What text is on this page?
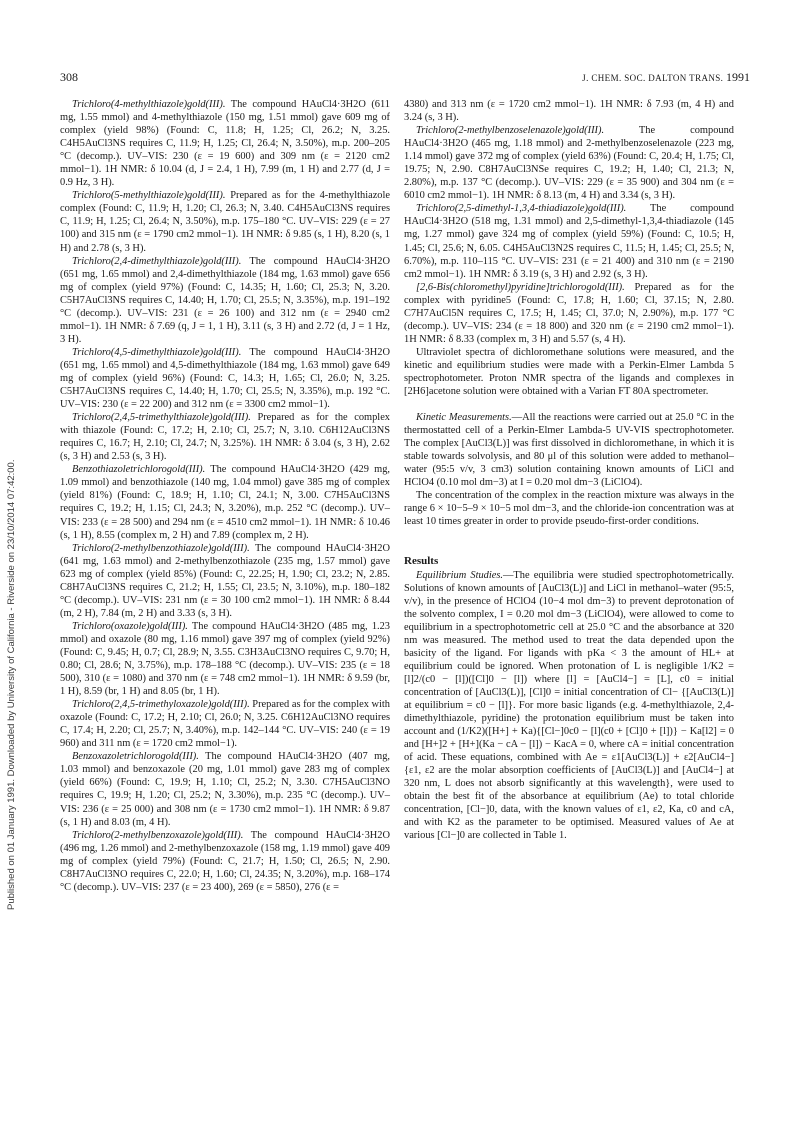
308	J. CHEM. SOC. DALTON TRANS. 1991
Published on 01 January 1991. Downloaded by University of California - Riverside on 23/10/2014 07:42:00.

Trichloro(4-methylthiazole)gold(III). The compound HAuCl4·3H2O (611 mg, 1.55 mmol) and 4-methylthiazole (150 mg, 1.51 mmol) gave 609 mg of complex (yield 98%) (Found: C, 11.8; H, 1.25; Cl, 26.2; N, 3.25. C4H5AuCl3NS requires C, 11.9; H, 1.25; Cl, 26.4; N, 3.50%), m.p. 200–205 °C (decomp.). UV–VIS: 230 (ε = 19 600) and 309 nm (ε = 2120 cm2 mmol−1). 1H NMR: δ 10.04 (d, J = 2.4, 1 H), 7.99 (m, 1 H) and 2.77 (d, J = 0.9 Hz, 3 H).

Trichloro(5-methylthiazole)gold(III). Prepared as for the 4-methylthiazole complex (Found: C, 11.9; H, 1.20; Cl, 26.3; N, 3.40. C4H5AuCl3NS requires C, 11.9; H, 1.25; Cl, 26.4; N, 3.50%), m.p. 175–180 °C. UV–VIS: 229 (ε = 27 100) and 315 nm (ε = 1790 cm2 mmol−1). 1H NMR: δ 9.85 (s, 1 H), 8.20 (s, 1 H) and 2.78 (s, 3 H).

Trichloro(2,4-dimethylthiazole)gold(III). The compound HAuCl4·3H2O (651 mg, 1.65 mmol) and 2,4-dimethylthiazole (184 mg, 1.63 mmol) gave 656 mg of complex (yield 97%) (Found: C, 14.35; H, 1.60; Cl, 25.3; N, 3.20. C5H7AuCl3NS requires C, 14.40; H, 1.70; Cl, 25.5; N, 3.35%), m.p. 191–192 °C (decomp.). UV–VIS: 231 (ε = 26 100) and 312 nm (ε = 2940 cm2 mmol−1). 1H NMR: δ 7.69 (q, J = 1, 1 H), 3.11 (s, 3 H) and 2.72 (d, J = 1 Hz, 3 H).

Trichloro(4,5-dimethylthiazole)gold(III). The compound HAuCl4·3H2O (651 mg, 1.65 mmol) and 4,5-dimethylthiazole (184 mg, 1.63 mmol) gave 649 mg of complex (yield 96%) (Found: C, 14.3; H, 1.65; Cl, 26.0; N, 3.25. C5H7AuCl3NS requires C, 14.40; H, 1.70; Cl, 25.5; N, 3.35%), m.p. 192 °C. UV–VIS: 230 (ε = 22 200) and 312 nm (ε = 3300 cm2 mmol−1).

Trichloro(2,4,5-trimethylthiazole)gold(III). Prepared as for the complex with thiazole (Found: C, 17.2; H, 2.10; Cl, 25.7; N, 3.10. C6H12AuCl3NS requires C, 16.7; H, 2.10; Cl, 24.7; N, 3.25%). 1H NMR: δ 3.04 (s, 3 H), 2.62 (s, 3 H) and 2.53 (s, 3 H).

Benzothiazoletrichlorogold(III). The compound HAuCl4·3H2O (429 mg, 1.09 mmol) and benzothiazole (140 mg, 1.04 mmol) gave 385 mg of complex (yield 81%) (Found: C, 18.9; H, 1.10; Cl, 24.1; N, 3.00. C7H5AuCl3NS requires C, 19.2; H, 1.15; Cl, 24.3; N, 3.20%), m.p. 252 °C (decomp.). UV–VIS: 233 (ε = 28 500) and 294 nm (ε = 4510 cm2 mmol−1). 1H NMR: δ 10.46 (s, 1 H), 8.55 (complex m, 2 H) and 7.89 (complex m, 2 H).

Trichloro(2-methylbenzothiazole)gold(III). The compound HAuCl4·3H2O (641 mg, 1.63 mmol) and 2-methylbenzothiazole (235 mg, 1.57 mmol) gave 623 mg of complex (yield 85%) (Found: C, 22.25; H, 1.90; Cl, 23.2; N, 2.85. C8H7AuCl3NS requires C, 21.2; H, 1.55; Cl, 23.5; N, 3.10%), m.p. 180–182 °C (decomp.). UV–VIS: 231 nm (ε = 30 100 cm2 mmol−1). 1H NMR: δ 8.44 (m, 2 H), 7.84 (m, 2 H) and 3.33 (s, 3 H).

Trichloro(oxazole)gold(III). The compound HAuCl4·3H2O (485 mg, 1.23 mmol) and oxazole (80 mg, 1.16 mmol) gave 397 mg of complex (yield 92%) (Found: C, 9.45; H, 0.7; Cl, 28.9; N, 3.55. C3H3AuCl3NO requires C, 9.70; H, 0.80; Cl, 28.6; N, 3.75%), m.p. 178–188 °C (decomp.). UV–VIS: 235 (ε = 18 500), 310 (ε = 1080) and 370 nm (ε = 748 cm2 mmol−1). 1H NMR: δ 9.59 (br, 1 H), 8.59 (br, 1 H) and 8.05 (br, 1 H).

Trichloro(2,4,5-trimethyloxazole)gold(III). Prepared as for the complex with oxazole (Found: C, 17.2; H, 2.10; Cl, 26.0; N, 3.25. C6H12AuCl3NO requires C, 17.4; H, 2.20; Cl, 25.7; N, 3.40%), m.p. 142–144 °C. UV–VIS: 240 (ε = 19 960) and 311 nm (ε = 1720 cm2 mmol−1).

Benzoxazoletrichlorogold(III). The compound HAuCl4·3H2O (407 mg, 1.03 mmol) and benzoxazole (20 mg, 1.01 mmol) gave 283 mg of complex (yield 66%) (Found: C, 19.9; H, 1.10; Cl, 25.2; N, 3.30. C7H5AuCl3NO requires C, 19.9; H, 1.20; Cl, 25.2; N, 3.30%), m.p. 235 °C (decomp.). UV–VIS: 236 (ε = 25 000) and 308 nm (ε = 1730 cm2 mmol−1). 1H NMR: δ 9.87 (s, 1 H) and 8.03 (m, 4 H).

Trichloro(2-methylbenzoxazole)gold(III). The compound HAuCl4·3H2O (496 mg, 1.26 mmol) and 2-methylbenzoxazole (158 mg, 1.19 mmol) gave 409 mg of complex (yield 79%) (Found: C, 21.7; H, 1.50; Cl, 26.5; N, 2.90. C8H7AuCl3NO requires C, 22.0; H, 1.60; Cl, 24.35; N, 3.20%), m.p. 168–174 °C (decomp.). UV–VIS: 237 (ε = 23 400), 269 (ε = 5850), 276 (ε =

4380) and 313 nm (ε = 1720 cm2 mmol−1). 1H NMR: δ 7.93 (m, 4 H) and 3.24 (s, 3 H).

Trichloro(2-methylbenzoselenazole)gold(III).	The compound HAuCl4·3H2O (465 mg, 1.18 mmol) and 2-methylbenzoselenazole (223 mg, 1.14 mmol) gave 372 mg of complex (yield 63%) (Found: C, 20.4; H, 1.75; Cl, 19.75; N, 2.90. C8H7AuCl3NSe requires C, 19.2; H, 1.40; Cl, 21.3; N, 2.80%), m.p. 137 °C (decomp.). UV–VIS: 229 (ε = 35 900) and 304 nm (ε = 6010 cm2 mmol−1). 1H NMR: δ 8.13 (m, 4 H) and 3.34 (s, 3 H).

Trichloro(2,5-dimethyl-1,3,4-thiadiazole)gold(III). The compound HAuCl4·3H2O (518 mg, 1.31 mmol) and 2,5-dimethyl-1,3,4-thiadiazole (145 mg, 1.27 mmol) gave 324 mg of complex (yield 59%) (Found: C, 10.5; H, 1.45; Cl, 25.6; N, 6.05. C4H5AuCl3N2S requires C, 11.5; H, 1.45; Cl, 25.5; N, 6.70%), m.p. 110–115 °C. UV–VIS: 231 (ε = 21 400) and 310 nm (ε = 2190 cm2 mmol−1). 1H NMR: δ 3.19 (s, 3 H) and 2.92 (s, 3 H).

[2,6-Bis(chloromethyl)pyridine]trichlorogold(III). Prepared as for the complex with pyridine5 (Found: C, 17.8; H, 1.60; Cl, 37.15; N, 2.80. C7H7AuCl5N requires C, 17.5; H, 1.45; Cl, 37.0; N, 2.90%), m.p. 177 °C (decomp.). UV–VIS: 234 (ε = 18 800) and 320 nm (ε = 2190 cm2 mmol−1). 1H NMR: δ 8.33 (complex m, 3 H) and 5.57 (s, 4 H).

Ultraviolet spectra of dichloromethane solutions were measured, and the kinetic and equilibrium studies were made with a Perkin-Elmer Lambda 5 spectrophotometer. Proton NMR spectra of the ligands and complexes in [2H6]acetone solution were obtained with a Varian FT 80A spectrometer.

Kinetic Measurements.—All the reactions were carried out at 25.0 °C in the thermostatted cell of a Perkin-Elmer Lambda-5 UV-VIS spectrophotometer. The complex [AuCl3(L)] was first dissolved in dichloromethane, in which it is stable towards solvolysis, and 80 μl of this solution were added to methanol–water (95:5 v/v, 3 cm3) solution containing known amounts of LiCl and HClO4 (0.10 mol dm−3) at I = 0.20 mol dm−3 (LiClO4).

The concentration of the complex in the reaction mixture was always in the range 6 × 10−5–9 × 10−5 mol dm−3, and the chloride-ion concentration was at least 10 times greater in order to provide pseudo-first-order conditions.

Results

Equilibrium Studies.—The equilibria were studied spectrophotometrically. Solutions of known amounts of [AuCl3(L)] and LiCl in methanol–water (95:5, v/v), in the presence of HClO4 (10−4 mol dm−3) to prevent deprotonation of the solvento complex, I = 0.20 mol dm−3 (LiClO4), were allowed to come to equilibrium in a spectrophotometric cell at 25.0 °C and the absorbance at 320 nm was measured. The method used to treat the data depended upon the basicity of the ligand. For ligands with pKa < 3 the amount of HL+ at equilibrium could be ignored. When protonation of L is negligible 1/K2 = [l]2/(c0 − [l])([Cl]0 − [l]) where [l] = [AuCl4−] = [L], c0 = initial concentration of [AuCl3(L)], [Cl]0 = initial concentration of Cl− {[AuCl3(L)] at equilibrium = c0 − [l]}. For more basic ligands (e.g. 4-methylthiazole, 2,4-dimethylthiazole, pyridine) the protonation equilibrium must be taken into account and (1/K2)([H+] + Ka){[Cl−]0c0 − [l](c0 + [Cl]0 + [l])} − Ka[l2] = 0 and [H+]2 + [H+](Ka − cA − [l]) − KacA = 0, where cA = initial concentration of acid. These equations, combined with Ae = ε1[AuCl3(L)] + ε2[AuCl4−] {ε1, ε2 are the molar absorption coefficients of [AuCl3(L)] and [AuCl4−] at 320 nm, L does not absorb significantly at this wavelength}, were used to obtain the best fit of the absorbance at equilibrium (Ae) to total chloride concentration, [Cl−]0, data, with the known values of ε1, ε2, Ka, c0 and cA, and with K2 as the parameter to be optimised. Measured values of Ae at various [Cl−]0 are collected in Table 1.
